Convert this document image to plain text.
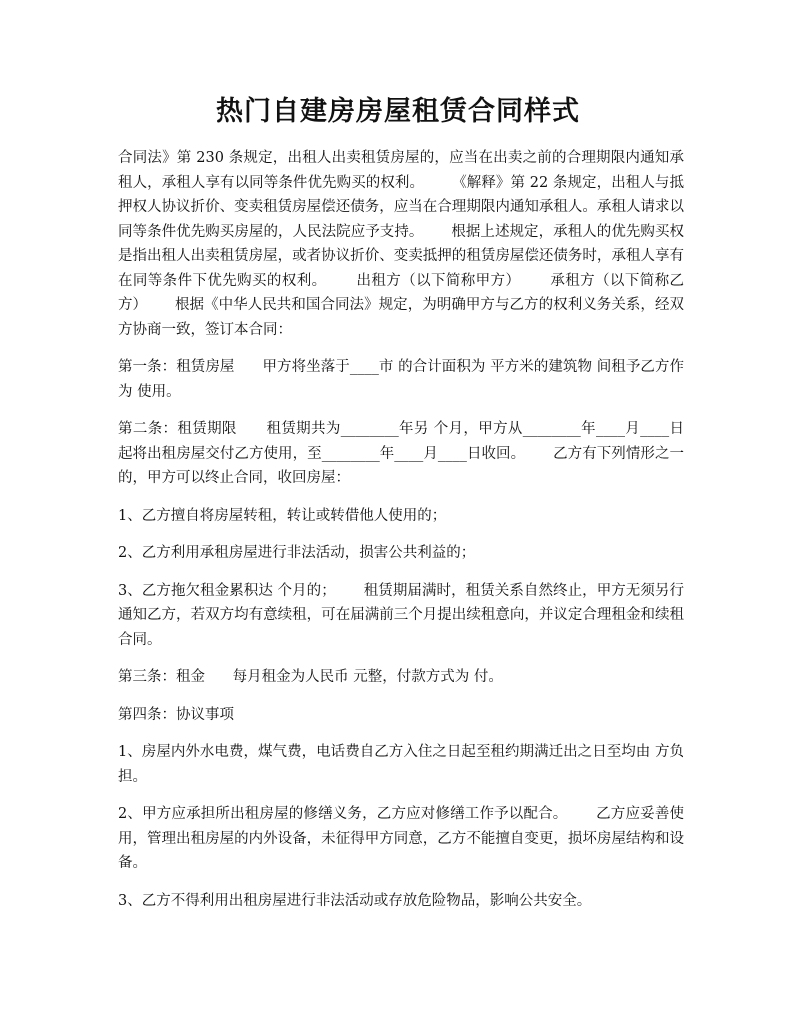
热门自建房房屋租赁合同样式

合同法》第 230 条规定，出租人出卖租赁房屋的，应当在出卖之前的合理期限内通知承租人，承租人享有以同等条件优先购买的权利。      《解释》第 22 条规定，出租人与抵押权人协议折价、变卖租赁房屋偿还债务，应当在合理期限内通知承租人。承租人请求以同等条件优先购买房屋的，人民法院应予支持。      根据上述规定，承租人的优先购买权是指出租人出卖租赁房屋，或者协议折价、变卖抵押的租赁房屋偿还债务时，承租人享有在同等条件下优先购买的权利。      出租方（以下简称甲方）      承租方（以下简称乙方）      根据《中华人民共和国合同法》规定，为明确甲方与乙方的权利义务关系，经双方协商一致，签订本合同：

第一条：租赁房屋      甲方将坐落于____市 的合计面积为 平方米的建筑物 间租予乙方作为 使用。

第二条：租赁期限      租赁期共为________年另 个月，甲方从________年____月____日起将出租房屋交付乙方使用，至________年____月____日收回。      乙方有下列情形之一的，甲方可以终止合同，收回房屋：

1、乙方擅自将房屋转租，转让或转借他人使用的；

2、乙方利用承租房屋进行非法活动，损害公共利益的；

3、乙方拖欠租金累积达 个月的；      租赁期届满时，租赁关系自然终止，甲方无须另行通知乙方，若双方均有意续租，可在届满前三个月提出续租意向，并议定合理租金和续租合同。

第三条：租金      每月租金为人民币 元整，付款方式为 付。

第四条：协议事项

1、房屋内外水电费，煤气费，电话费自乙方入住之日起至租约期满迁出之日至均由 方负担。

2、甲方应承担所出租房屋的修缮义务，乙方应对修缮工作予以配合。      乙方应妥善使用，管理出租房屋的内外设备，未征得甲方同意，乙方不能擅自变更，损坏房屋结构和设备。

3、乙方不得利用出租房屋进行非法活动或存放危险物品，影响公共安全。
